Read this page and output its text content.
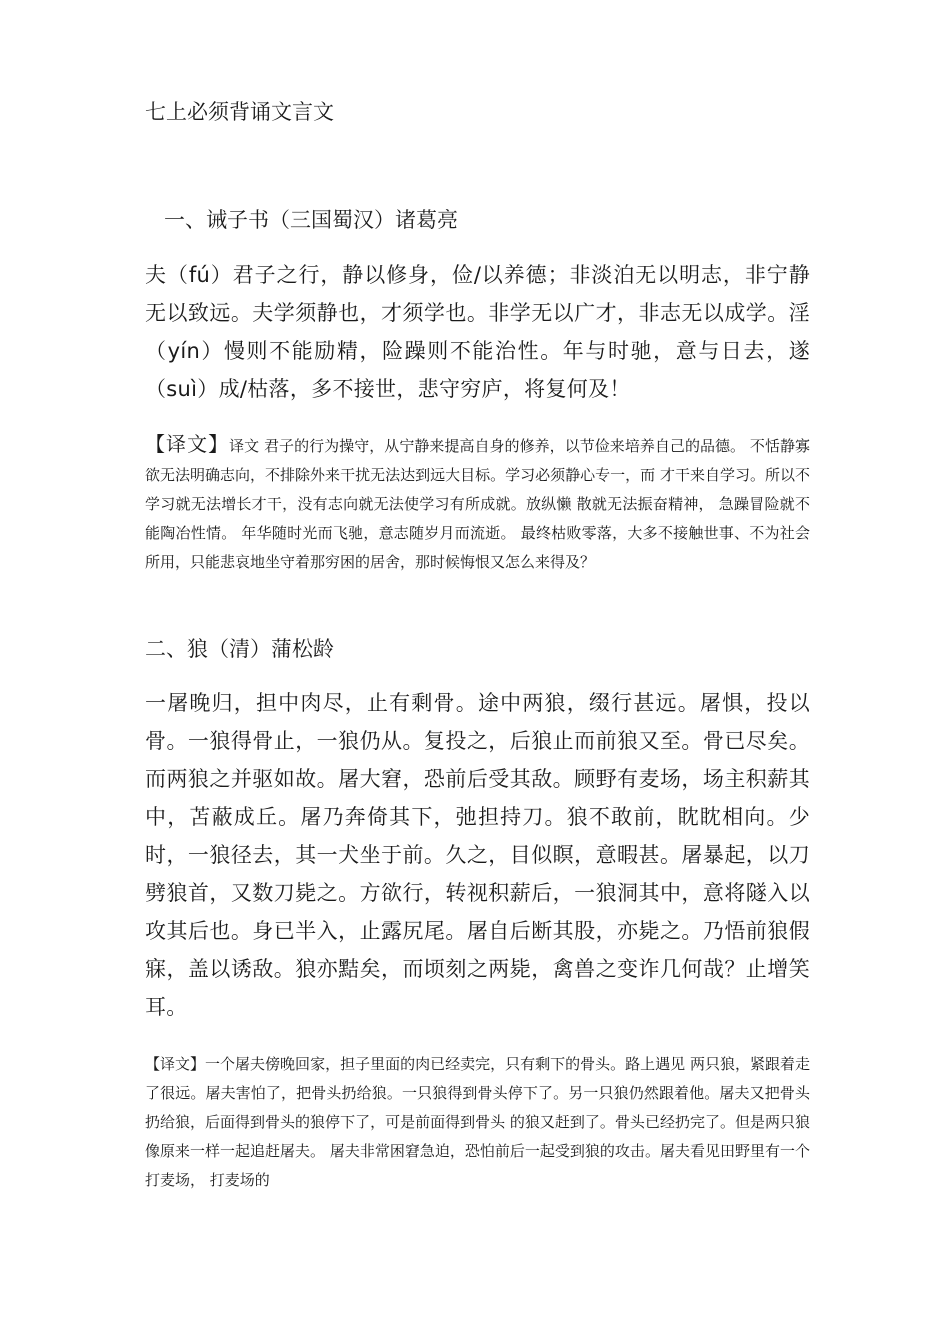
七上必须背诵文言文
一、诫子书（三国蜀汉）诸葛亮

夫（fú）君子之行，静以修身，俭/以养德；非淡泊无以明志，非宁静无以致远。夫学须静也，才须学也。非学无以广才，非志无以成学。淫（yín）慢则不能励精，险躁则不能治性。年与时驰，意与日去，遂（suì）成/枯落，多不接世，悲守穷庐，将复何及！

【译文】译文 君子的行为操守，从宁静来提高自身的修养，以节俭来培养自己的品德。 不恬静寡欲无法明确志向，不排除外来干扰无法达到远大目标。学习必须静心专一，而 才干来自学习。所以不学习就无法增长才干，没有志向就无法使学习有所成就。放纵懒 散就无法振奋精神， 急躁冒险就不能陶冶性情。 年华随时光而飞驰，意志随岁月而流逝。 最终枯败零落，大多不接触世事、不为社会所用，只能悲哀地坐守着那穷困的居舍，那时候悔恨又怎么来得及？

二、狼（清）蒲松龄

一屠晚归，担中肉尽，止有剩骨。途中两狼，缀行甚远。屠惧，投以骨。一狼得骨止，一狼仍从。复投之，后狼止而前狼又至。骨已尽矣。而两狼之并驱如故。屠大窘，恐前后受其敌。顾野有麦场，场主积薪其中，苫蔽成丘。屠乃奔倚其下，弛担持刀。狼不敢前，眈眈相向。少时，一狼径去，其一犬坐于前。久之，目似瞑，意暇甚。屠暴起，以刀劈狼首，又数刀毙之。方欲行，转视积薪后，一狼洞其中，意将隧入以攻其后也。身已半入，止露尻尾。屠自后断其股，亦毙之。乃悟前狼假寐，盖以诱敌。狼亦黠矣，而顷刻之两毙，禽兽之变诈几何哉？止增笑耳。

【译文】一个屠夫傍晚回家，担子里面的肉已经卖完，只有剩下的骨头。路上遇见 两只狼，紧跟着走了很远。屠夫害怕了，把骨头扔给狼。一只狼得到骨头停下了。另一只狼仍然跟着他。屠夫又把骨头扔给狼，后面得到骨头的狼停下了，可是前面得到骨头 的狼又赶到了。骨头已经扔完了。但是两只狼像原来一样一起追赶屠夫。 屠夫非常困窘急迫，恐怕前后一起受到狼的攻击。屠夫看见田野里有一个打麦场， 打麦场的
